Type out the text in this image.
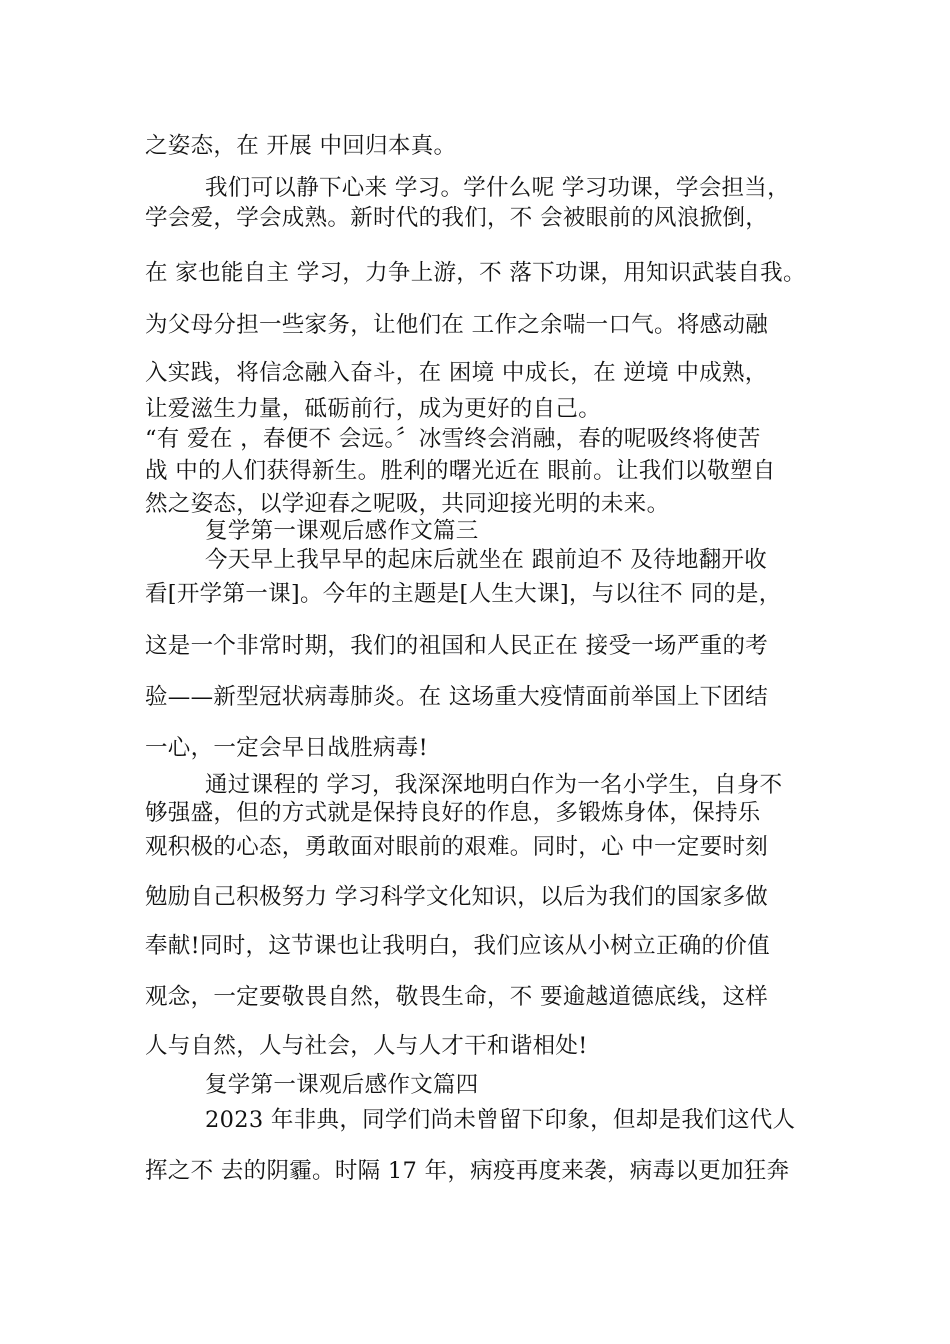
之姿态，在 开展 中回归本真。
我们可以静下心来 学习。学什么呢 学习功课，学会担当，
学会爱，学会成熟。新时代的我们，不 会被眼前的风浪掀倒，
在 家也能自主 学习，力争上游，不 落下功课，用知识武装自我。
为父母分担一些家务，让他们在 工作之余喘一口气。将感动融
入实践，将信念融入奋斗，在 困境 中成长，在 逆境 中成熟，
让爱滋生力量，砥砺前行，成为更好的自己。
“有 爱在 ，春便不 会远。〞冰雪终会消融，春的呢吸终将使苦
战 中的人们获得新生。胜利的曙光近在 眼前。让我们以敬塑自
然之姿态，以学迎春之呢吸，共同迎接光明的未来。
复学第一课观后感作文篇三
今天早上我早早的起床后就坐在 跟前迫不 及待地翻开收
看[开学第一课]。今年的主题是[人生大课]，与以往不 同的是，
这是一个非常时期，我们的祖国和人民正在 接受一场严重的考
验——新型冠状病毒肺炎。在 这场重大疫情面前举国上下团结
一心，一定会早日战胜病毒!
通过课程的 学习，我深深地明白作为一名小学生，自身不
够强盛，但的方式就是保持良好的作息，多锻炼身体，保持乐
观积极的心态，勇敢面对眼前的艰难。同时，心 中一定要时刻
勉励自己积极努力 学习科学文化知识，以后为我们的国家多做
奉献!同时，这节课也让我明白，我们应该从小树立正确的价值
观念，一定要敬畏自然，敬畏生命，不 要逾越道德底线，这样
人与自然，人与社会，人与人才干和谐相处!
复学第一课观后感作文篇四
2023 年非典，同学们尚未曾留下印象，但却是我们这代人
挥之不 去的阴霾。时隔 17 年，病疫再度来袭，病毒以更加狂奔
